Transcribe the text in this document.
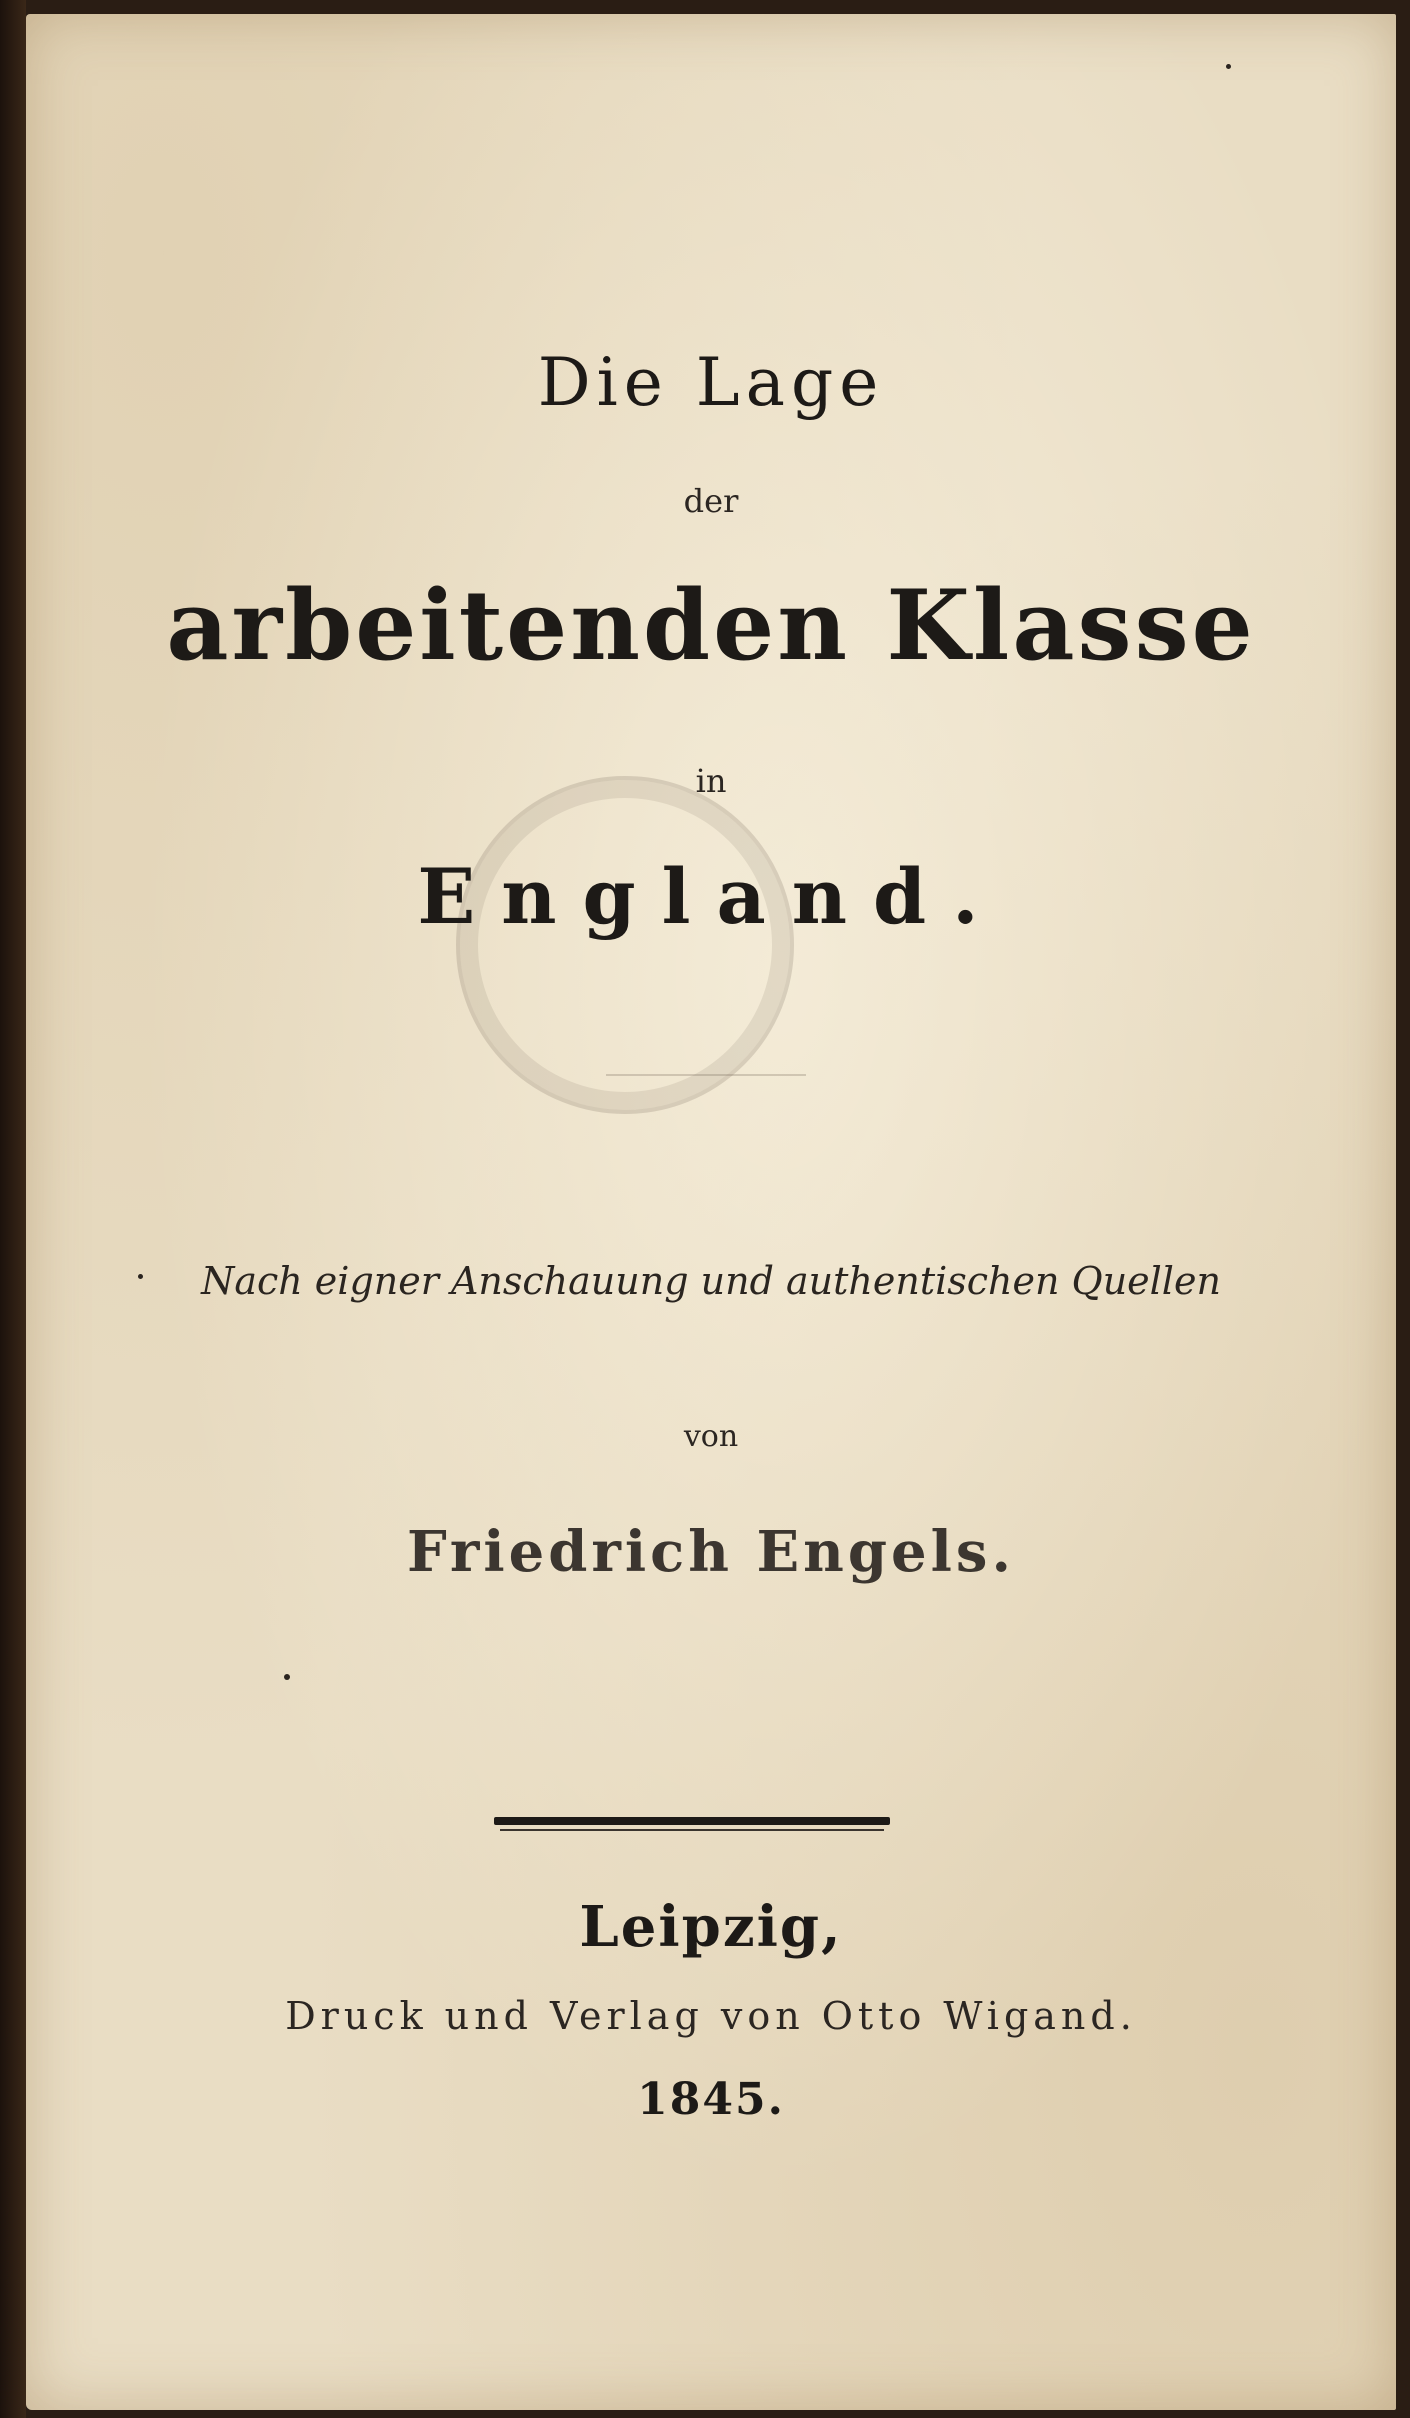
Die Lage
der
arbeitenden Klasse
in
England.
Nach eigner Anschauung und authentischen Quellen
von
Friedrich Engels.
Leipzig,
Druck und Verlag von Otto Wigand.
1845.
